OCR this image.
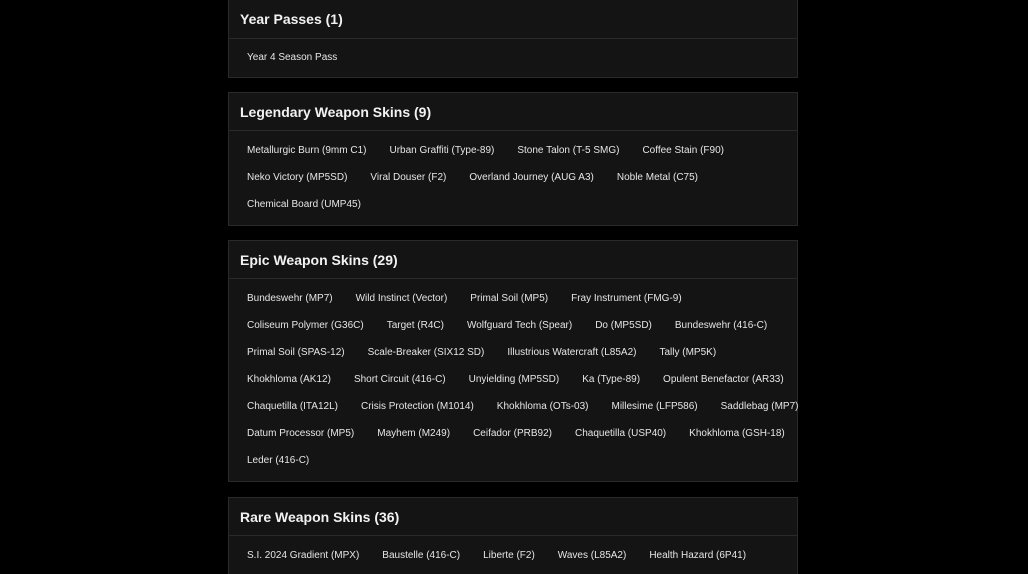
Year Passes (1)
Year 4 Season Pass
Legendary Weapon Skins (9)
Metallurgic Burn (9mm C1)	Urban Graffiti (Type-89)	Stone Talon (T-5 SMG)	Coffee Stain (F90)
Neko Victory (MP5SD)	Viral Douser (F2)	Overland Journey (AUG A3)	Noble Metal (C75)
Chemical Board (UMP45)
Epic Weapon Skins (29)
Bundeswehr (MP7)	Wild Instinct (Vector)	Primal Soil (MP5)	Fray Instrument (FMG-9)
Coliseum Polymer (G36C)	Target (R4C)	Wolfguard Tech (Spear)	Do (MP5SD)	Bundeswehr (416-C)
Primal Soil (SPAS-12)	Scale-Breaker (SIX12 SD)	Illustrious Watercraft (L85A2)	Tally (MP5K)
Khokhloma (AK12)	Short Circuit (416-C)	Unyielding (MP5SD)	Ka (Type-89)	Opulent Benefactor (AR33)
Chaquetilla (ITA12L)	Crisis Protection (M1014)	Khokhloma (OTs-03)	Millesime (LFP586)	Saddlebag (MP7)
Datum Processor (MP5)	Mayhem (M249)	Ceifador (PRB92)	Chaquetilla (USP40)	Khokhloma (GSH-18)
Leder (416-C)
Rare Weapon Skins (36)
S.I. 2024 Gradient (MPX)	Baustelle (416-C)	Liberte (F2)	Waves (L85A2)	Health Hazard (6P41)
